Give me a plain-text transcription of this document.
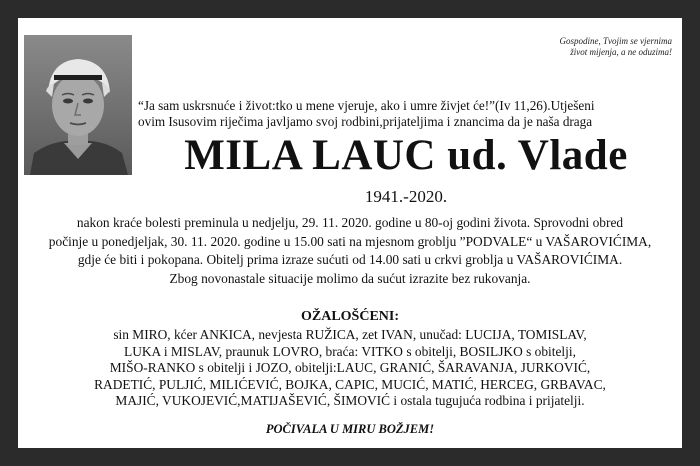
Gospodine, Tvojim se vjernima
život mijenja, a ne oduzima!
“Ja sam uskrsnuće i život:tko u mene vjeruje, ako i umre živjet će!”(Iv 11,26).Utješeni
ovim Isusovim riječima javljamo svoj rodbini,prijateljima i znancima da je naša draga
MILA LAUC ud. Vlade
1941.-2020.
nakon kraće bolesti preminula u nedjelju, 29. 11. 2020. godine u 80-oj godini života. Sprovodni obred
počinje u ponedjeljak, 30. 11. 2020. godine u 15.00 sati na mjesnom groblju ”PODVALE“ u VAŠAROVIĆIMA,
gdje će biti i pokopana. Obitelj prima izraze sućuti od 14.00 sati u crkvi groblja u VAŠAROVIĆIMA.
Zbog novonastale situacije molimo da sućut izrazite bez rukovanja.
OŽALOŠĆENI:
sin MIRO, kćer ANKICA, nevjesta RUŽICA, zet IVAN, unučad: LUCIJA, TOMISLAV,
LUKA i MISLAV, praunuk LOVRO, braća: VITKO s obitelji, BOSILJKO s obitelji,
MIŠO-RANKO s obitelji i JOZO, obitelji:LAUC, GRANIĆ, ŠARAVANJA, JURKOVIĆ,
RADETIĆ, PULJIĆ, MILIĆEVIĆ, BOJKA, CAPIC, MUCIĆ, MATIĆ, HERCEG, GRBAVAC,
MAJIĆ, VUKOJEVIĆ,MATIJAŠEVIĆ, ŠIMOVIĆ i ostala tugujuća rodbina i prijatelji.
POČIVALA U MIRU BOŽJEM!
